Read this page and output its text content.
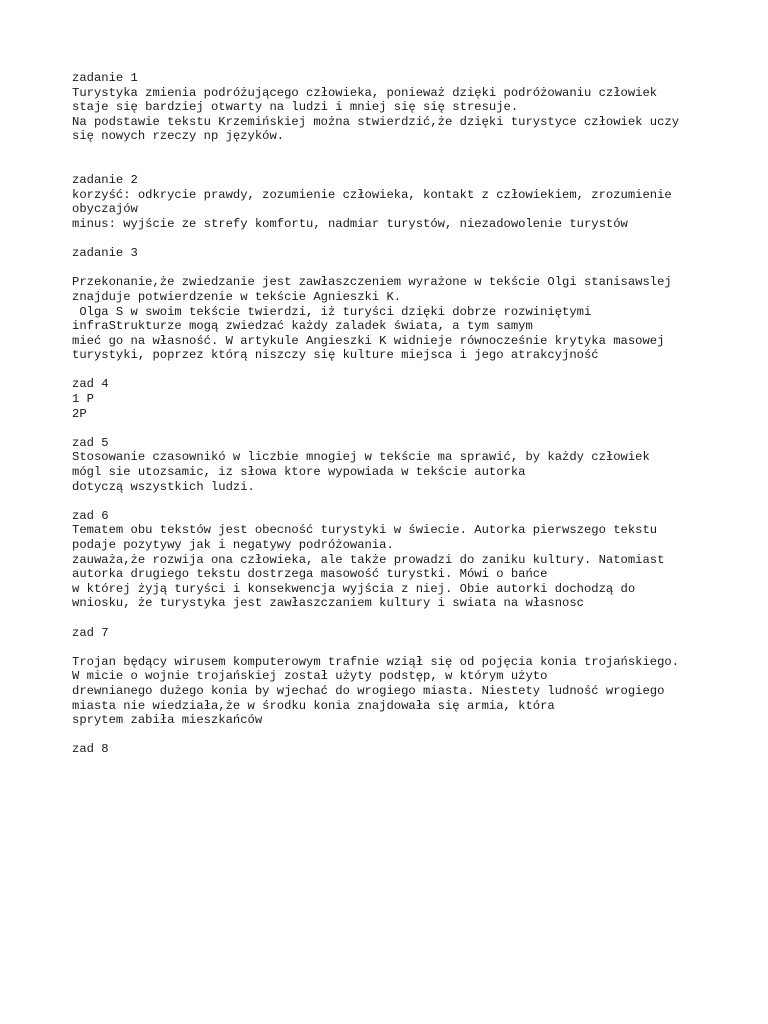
zadanie 1
Turystyka zmienia podróżującego człowieka, ponieważ dzięki podróżowaniu człowiek
staje się bardziej otwarty na ludzi i mniej się się stresuje.
Na podstawie tekstu Krzemińskiej można stwierdzić,że dzięki turystyce człowiek uczy
się nowych rzeczy np języków.
zadanie 2
korzyść: odkrycie prawdy, zozumienie człowieka, kontakt z człowiekiem, zrozumienie
obyczajów
minus: wyjście ze strefy komfortu, nadmiar turystów, niezadowolenie turystów
zadanie 3
Przekonanie,że zwiedzanie jest zawłaszczeniem wyrażone w tekście Olgi stanisawslej
znajduje potwierdzenie w tekście Agnieszki K.
Olga S w swoim tekście twierdzi, iż turyści dzięki dobrze rozwiniętymi
infraStrukturze mogą zwiedzać każdy zaladek świata, a tym samym
mieć go na własność. W artykule Angieszki K widnieje równocześnie krytyka masowej
turystyki, poprzez którą niszczy się kulture miejsca i jego atrakcyjność
zad 4
1 P
2P
zad 5
Stosowanie czasownikó w liczbie mnogiej w tekście ma sprawić, by każdy człowiek
mógl sie utozsamic, iz słowa ktore wypowiada w tekście autorka
dotyczą wszystkich ludzi.
zad 6
Tematem obu tekstów jest obecność turystyki w świecie. Autorka pierwszego tekstu
podaje pozytywy jak i negatywy podróżowania.
zauważa,że rozwija ona człowieka, ale także prowadzi do zaniku kultury. Natomiast
autorka drugiego tekstu dostrzega masowość turystki. Mówi o bańce
w której żyją turyści i konsekwencja wyjścia z niej. Obie autorki dochodzą do
wniosku, że turystyka jest zawłaszczaniem kultury i swiata na własnosc
zad 7
Trojan będący wirusem komputerowym trafnie wziął się od pojęcia konia trojańskiego.
W micie o wojnie trojańskiej został użyty podstęp, w którym użyto
drewnianego dużego konia by wjechać do wrogiego miasta. Niestety ludność wrogiego
miasta nie wiedziała,że w środku konia znajdowała się armia, która
sprytem zabiła mieszkańców
zad 8
